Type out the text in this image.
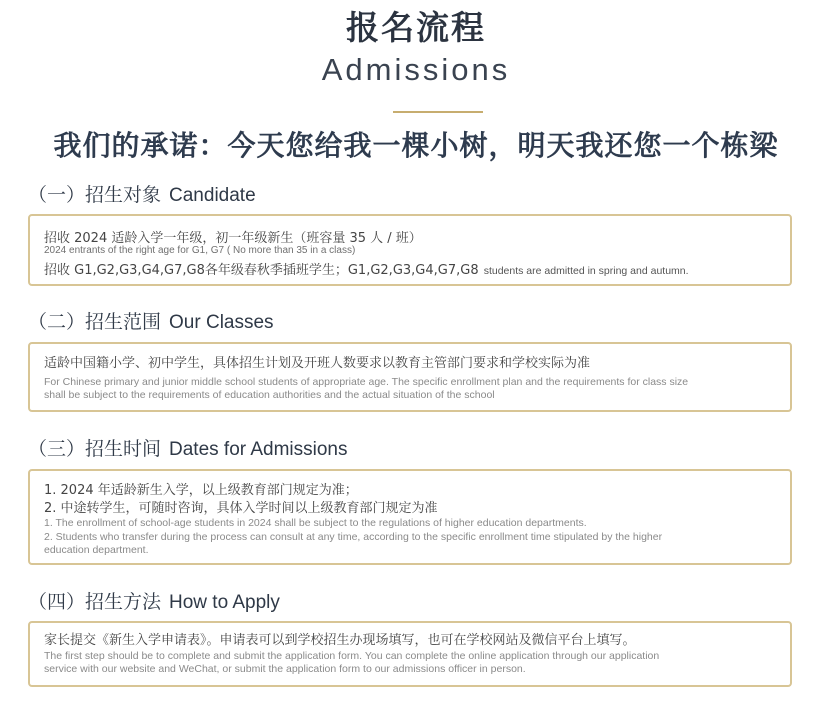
报名流程
Admissions
我们的承诺：今天您给我一棵小树，明天我还您一个栋梁
（一）招生对象 Candidate
招收 2024 适龄入学一年级，初一年级新生（班容量 35 人 / 班）
2024 entrants of the right age for G1, G7 ( No more than 35 in a class)
招收 G1,G2,G3,G4,G7,G8各年级春秋季插班学生；G1,G2,G3,G4,G7,G8 students are admitted in spring and autumn.
（二）招生范围 Our Classes
适龄中国籍小学、初中学生，具体招生计划及开班人数要求以教育主管部门要求和学校实际为准
For Chinese primary and junior middle school students of appropriate age. The specific enrollment plan and the requirements for class size
shall be subject to the requirements of education authorities and the actual situation of the school
（三）招生时间 Dates for Admissions
1. 2024 年适龄新生入学，以上级教育部门规定为准；
2. 中途转学生，可随时咨询，具体入学时间以上级教育部门规定为准
1. The enrollment of school-age students in 2024 shall be subject to the regulations of higher education departments.
2. Students who transfer during the process can consult at any time, according to the specific enrollment time stipulated by the higher
education department.
（四）招生方法 How to Apply
家长提交《新生入学申请表》。申请表可以到学校招生办现场填写，也可在学校网站及微信平台上填写。
The first step should be to complete and submit the application form. You can complete the online application through our application
service with our website and WeChat, or submit the application form to our admissions officer in person.
